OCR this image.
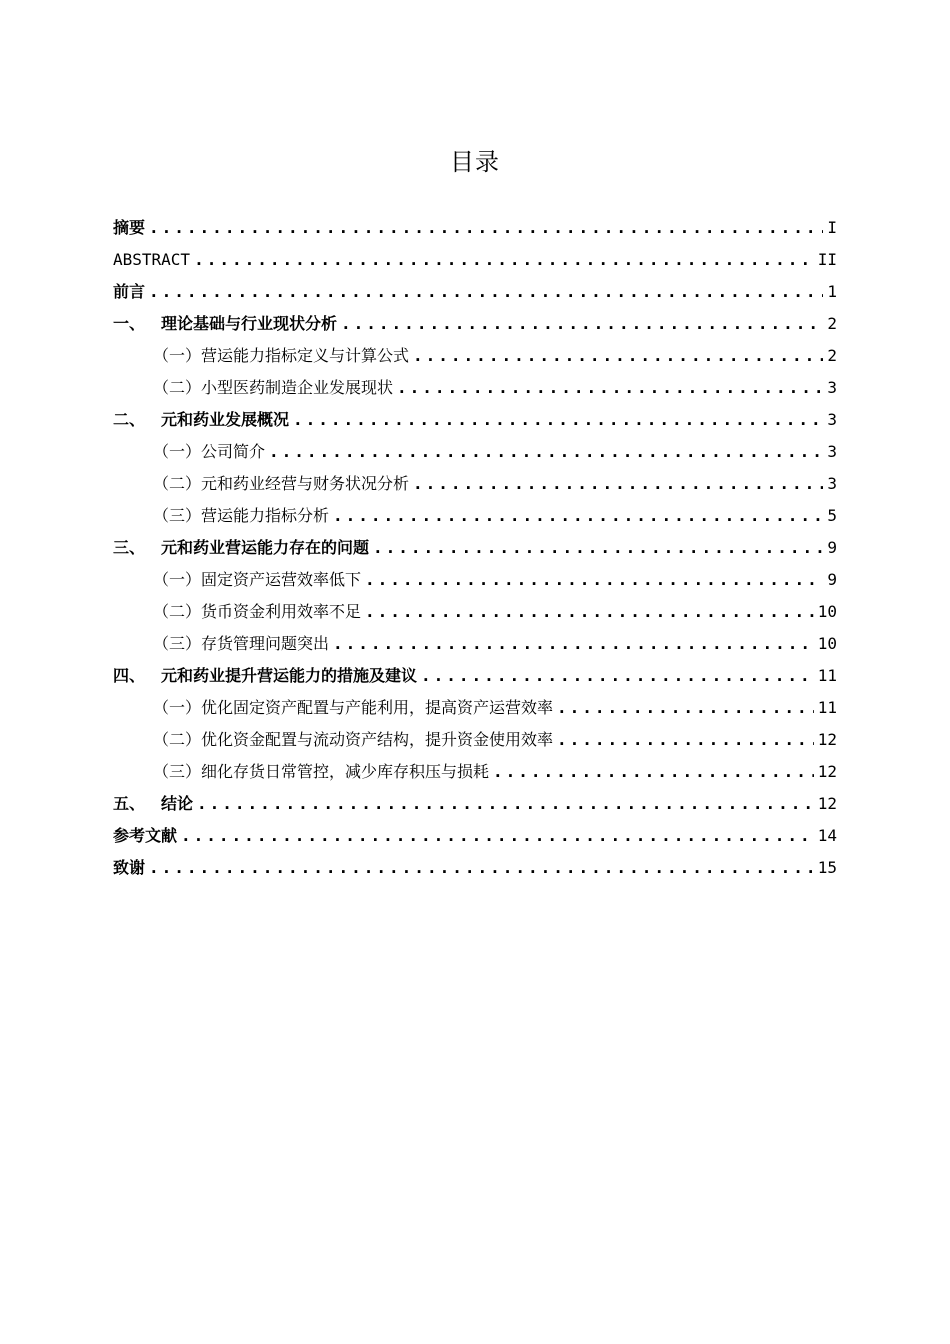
目录
摘要 .....	I
ABSTRACT .....	II
前言 .....	1
一、 理论基础与行业现状分析 .....	2
（一）营运能力指标定义与计算公式 .....	2
（二）小型医药制造企业发展现状 .....	3
二、 元和药业发展概况 .....	3
（一）公司简介 .....	3
（二）元和药业经营与财务状况分析 .....	3
（三）营运能力指标分析 .....	5
三、 元和药业营运能力存在的问题 .....	9
（一）固定资产运营效率低下 .....	9
（二）货币资金利用效率不足 .....	10
（三）存货管理问题突出 .....	10
四、 元和药业提升营运能力的措施及建议 .....	11
（一）优化固定资产配置与产能利用，提高资产运营效率 .....	11
（二）优化资金配置与流动资产结构，提升资金使用效率 .....	12
（三）细化存货日常管控，减少库存积压与损耗 .....	12
五、 结论 .....	12
参考文献 .....	14
致谢 .....	15
